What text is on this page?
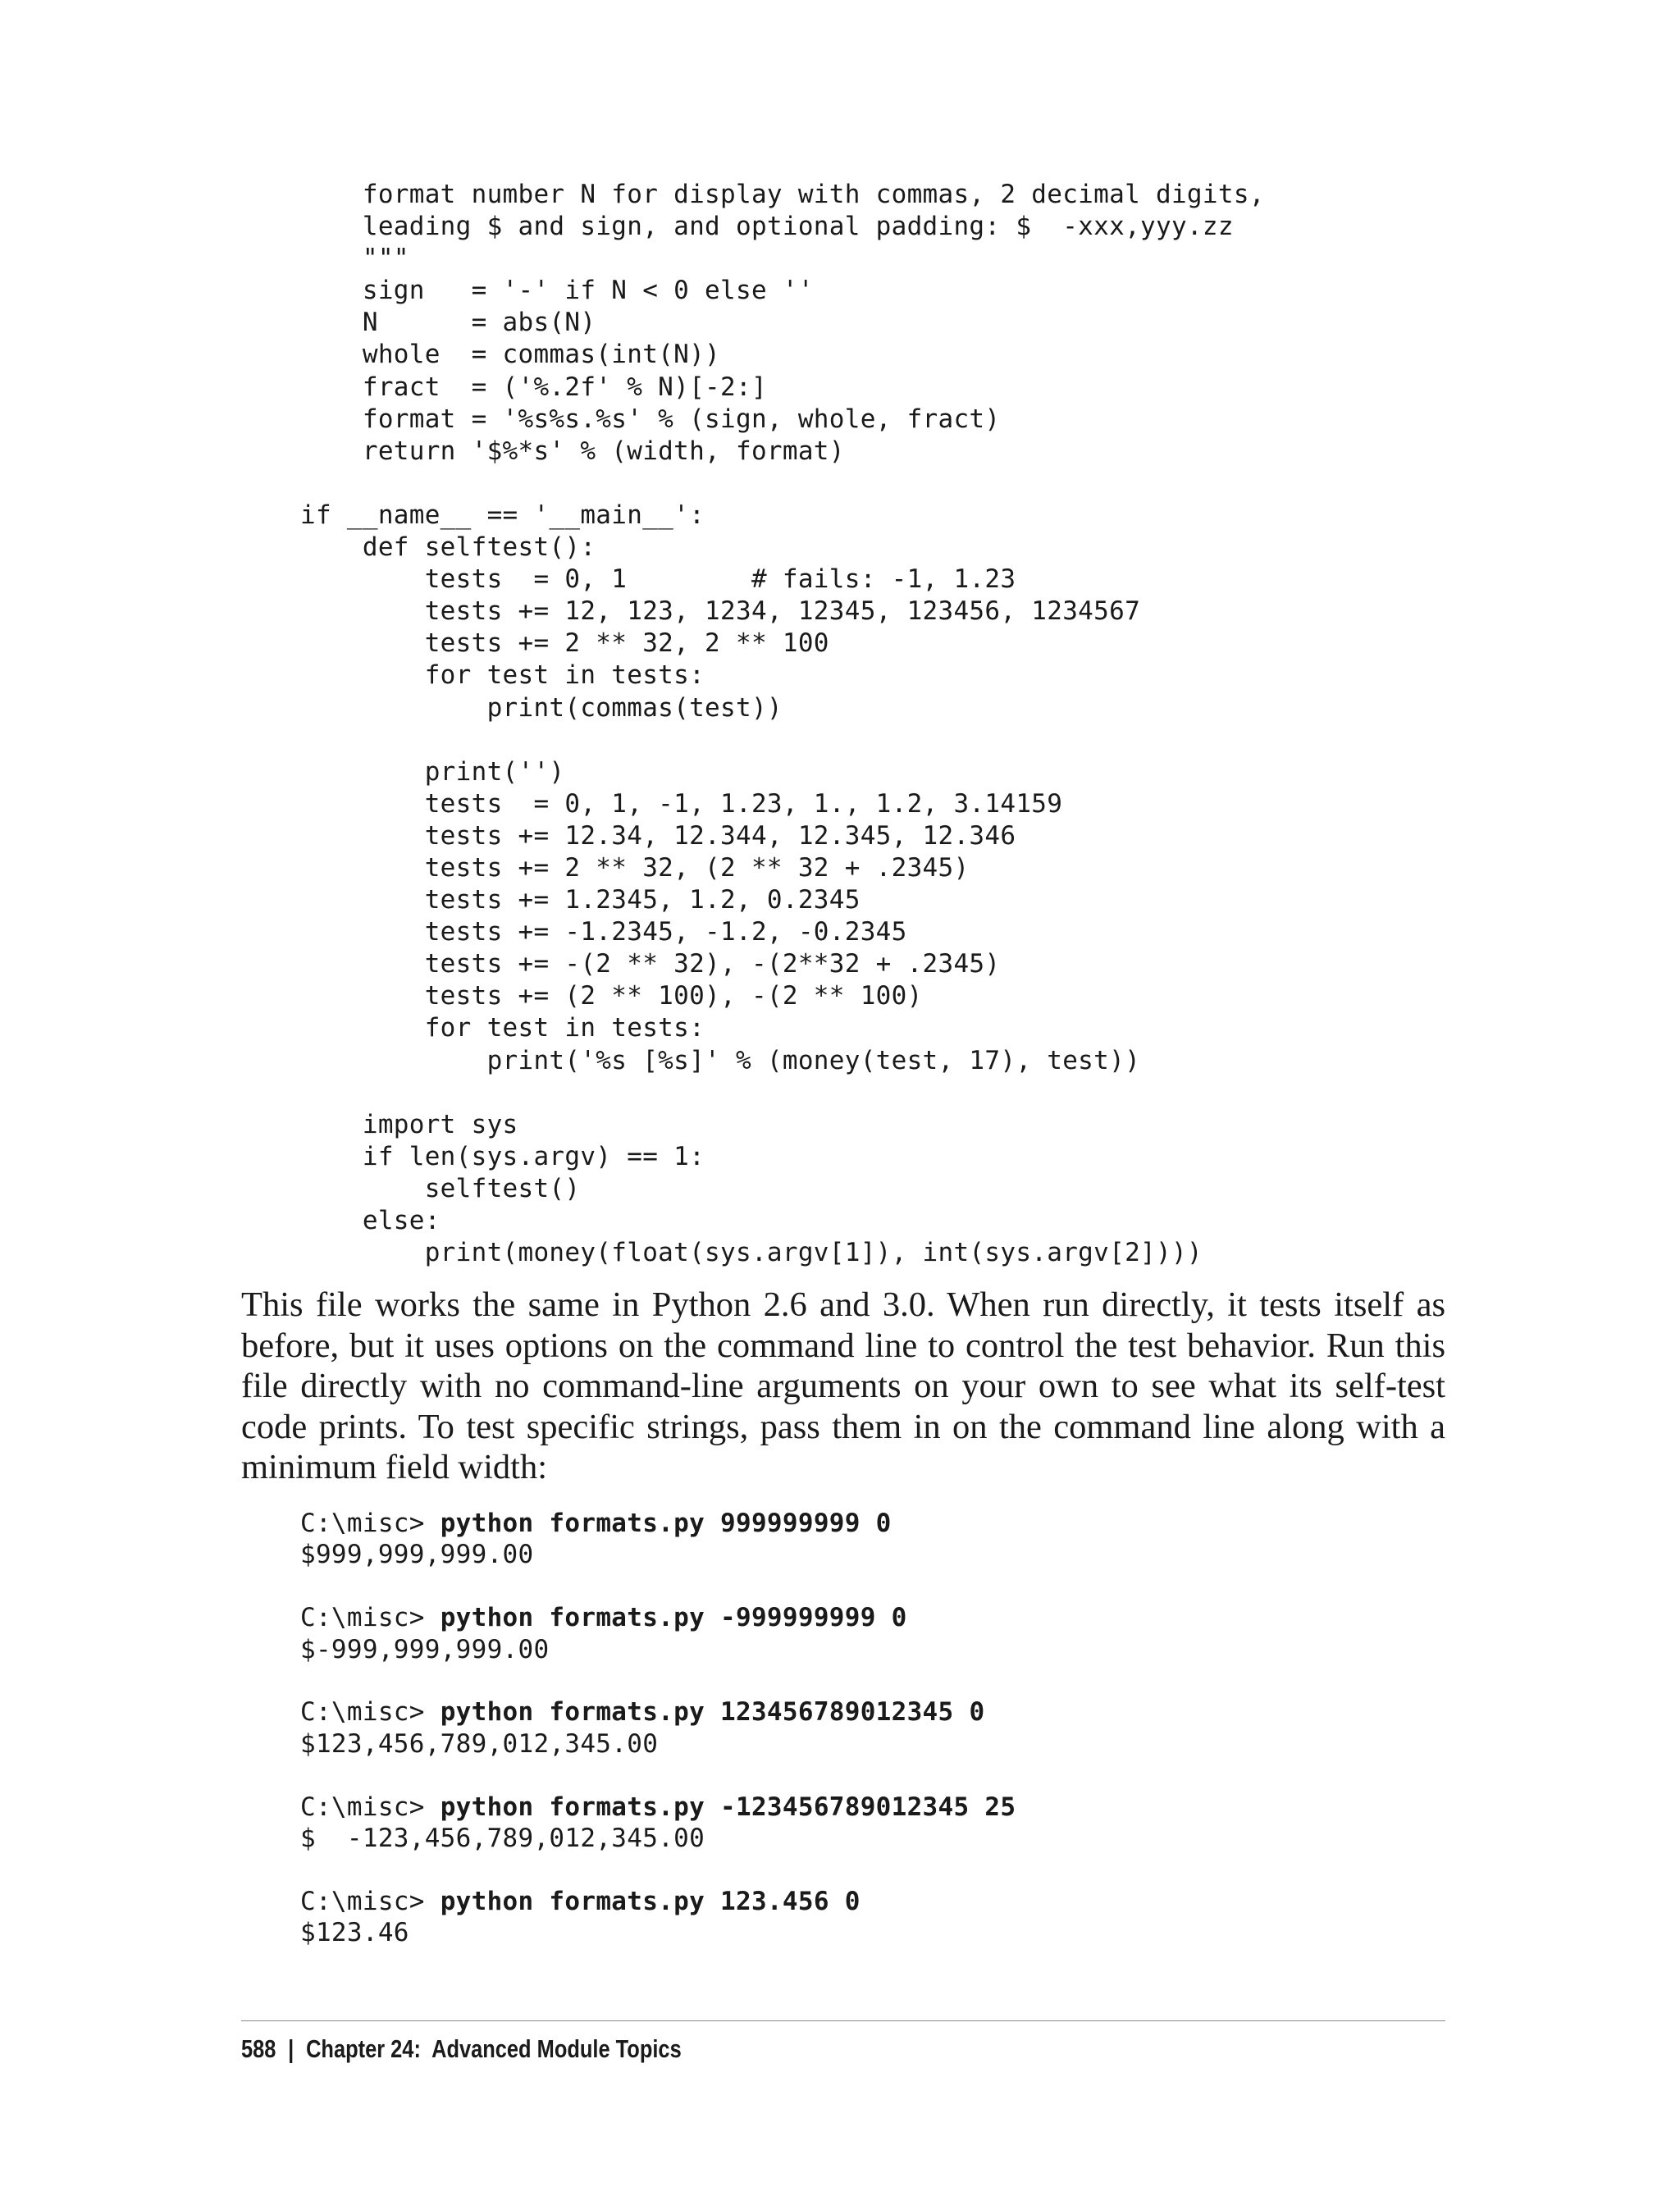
format number N for display with commas, 2 decimal digits,
leading $ and sign, and optional padding: $  -xxx,yyy.zz
"""
sign   = '-' if N < 0 else ''
N      = abs(N)
whole  = commas(int(N))
fract  = ('%.2f' % N)[-2:]
format = '%s%s.%s' % (sign, whole, fract)
return '$%*s' % (width, format)

if __name__ == '__main__':
def selftest():
tests  = 0, 1        # fails: -1, 1.23
tests += 12, 123, 1234, 12345, 123456, 1234567
tests += 2 ** 32, 2 ** 100
for test in tests:
print(commas(test))

print('')
tests  = 0, 1, -1, 1.23, 1., 1.2, 3.14159
tests += 12.34, 12.344, 12.345, 12.346
tests += 2 ** 32, (2 ** 32 + .2345)
tests += 1.2345, 1.2, 0.2345
tests += -1.2345, -1.2, -0.2345
tests += -(2 ** 32), -(2**32 + .2345)
tests += (2 ** 100), -(2 ** 100)
for test in tests:
print('%s [%s]' % (money(test, 17), test))

import sys
if len(sys.argv) == 1:
selftest()
else:
print(money(float(sys.argv[1]), int(sys.argv[2])))

This file works the same in Python 2.6 and 3.0. When run directly, it tests itself as before, but it uses options on the command line to control the test behavior. Run this file directly with no command-line arguments on your own to see what its self-test code prints. To test specific strings, pass them in on the command line along with a minimum field width:

C:\misc> python formats.py 999999999 0
$999,999,999.00

C:\misc> python formats.py -999999999 0
$-999,999,999.00

C:\misc> python formats.py 123456789012345 0
$123,456,789,012,345.00

C:\misc> python formats.py -123456789012345 25
$  -123,456,789,012,345.00

C:\misc> python formats.py 123.456 0
$123.46
588 | Chapter 24:  Advanced Module Topics
